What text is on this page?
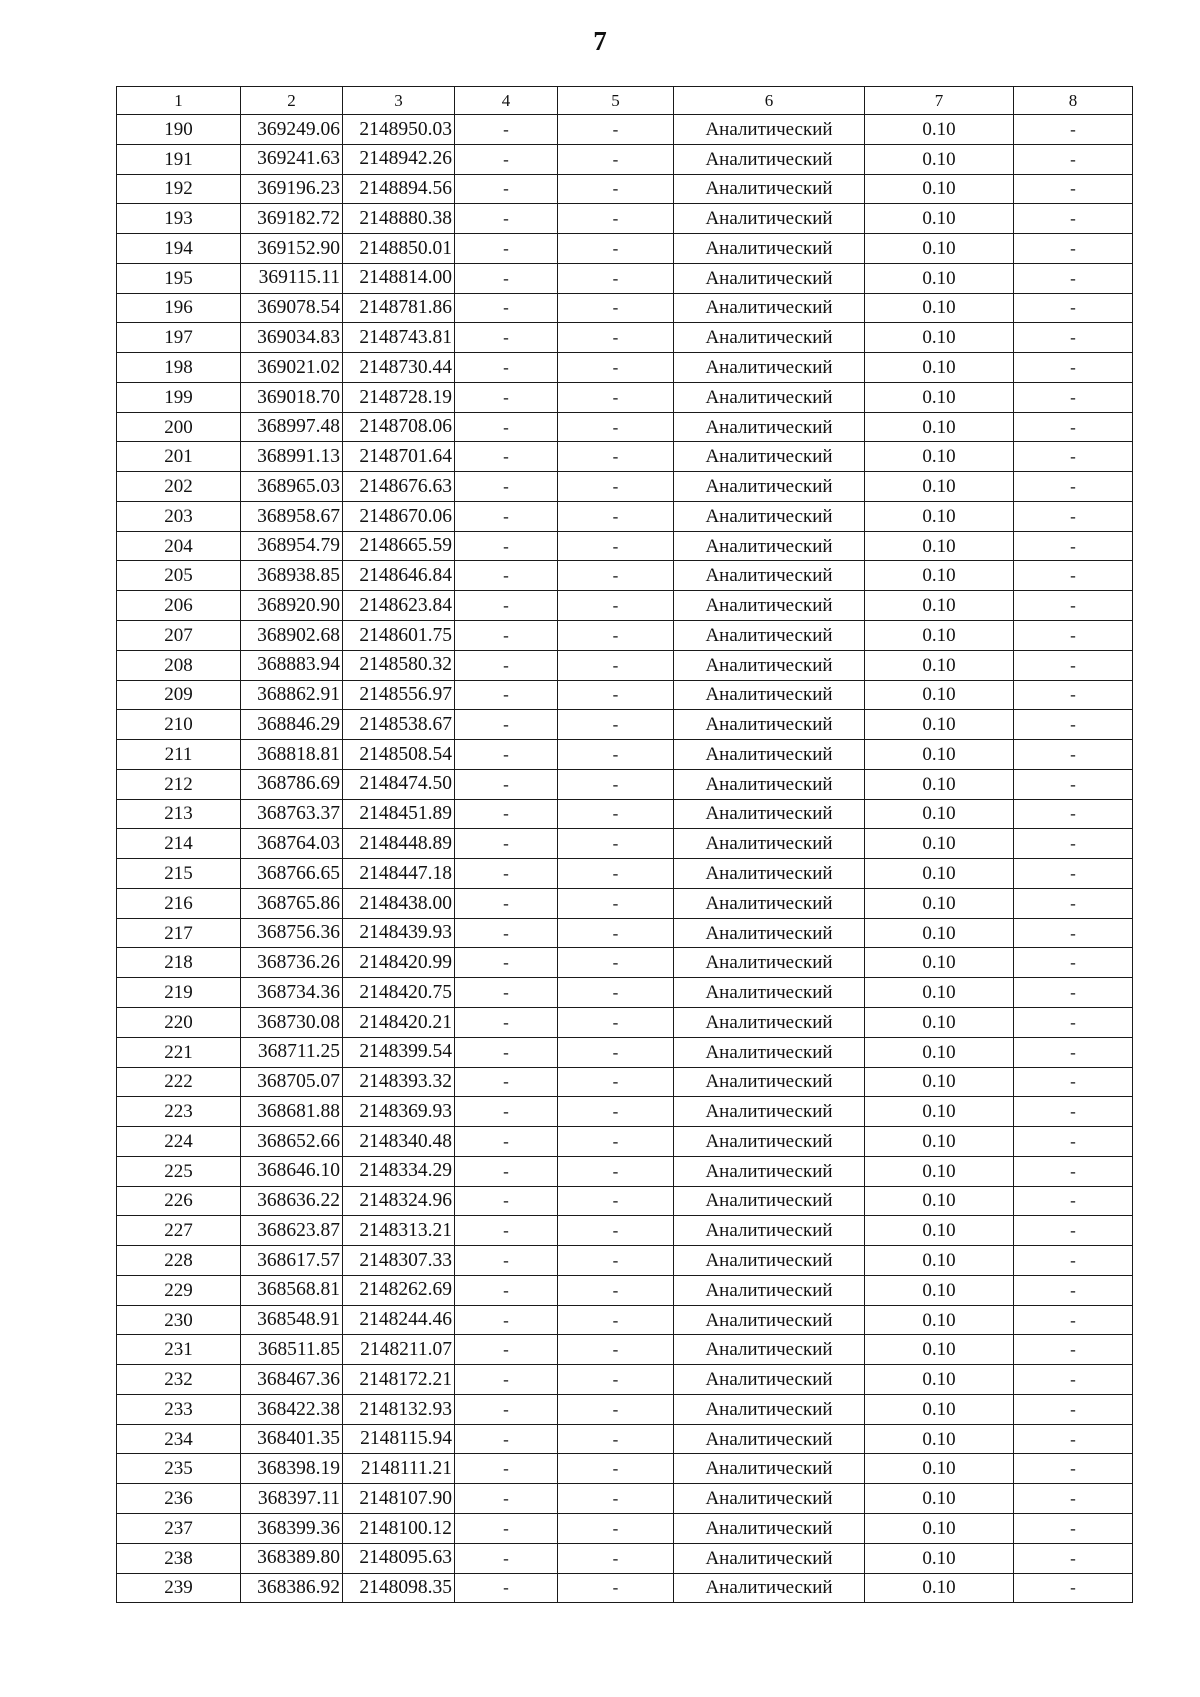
7
1	2	3	4	5	6	7	8
190	369249.06	2148950.03	-	-	Аналитический	0.10	-
191	369241.63	2148942.26	-	-	Аналитический	0.10	-
192	369196.23	2148894.56	-	-	Аналитический	0.10	-
193	369182.72	2148880.38	-	-	Аналитический	0.10	-
194	369152.90	2148850.01	-	-	Аналитический	0.10	-
195	369115.11	2148814.00	-	-	Аналитический	0.10	-
196	369078.54	2148781.86	-	-	Аналитический	0.10	-
197	369034.83	2148743.81	-	-	Аналитический	0.10	-
198	369021.02	2148730.44	-	-	Аналитический	0.10	-
199	369018.70	2148728.19	-	-	Аналитический	0.10	-
200	368997.48	2148708.06	-	-	Аналитический	0.10	-
201	368991.13	2148701.64	-	-	Аналитический	0.10	-
202	368965.03	2148676.63	-	-	Аналитический	0.10	-
203	368958.67	2148670.06	-	-	Аналитический	0.10	-
204	368954.79	2148665.59	-	-	Аналитический	0.10	-
205	368938.85	2148646.84	-	-	Аналитический	0.10	-
206	368920.90	2148623.84	-	-	Аналитический	0.10	-
207	368902.68	2148601.75	-	-	Аналитический	0.10	-
208	368883.94	2148580.32	-	-	Аналитический	0.10	-
209	368862.91	2148556.97	-	-	Аналитический	0.10	-
210	368846.29	2148538.67	-	-	Аналитический	0.10	-
211	368818.81	2148508.54	-	-	Аналитический	0.10	-
212	368786.69	2148474.50	-	-	Аналитический	0.10	-
213	368763.37	2148451.89	-	-	Аналитический	0.10	-
214	368764.03	2148448.89	-	-	Аналитический	0.10	-
215	368766.65	2148447.18	-	-	Аналитический	0.10	-
216	368765.86	2148438.00	-	-	Аналитический	0.10	-
217	368756.36	2148439.93	-	-	Аналитический	0.10	-
218	368736.26	2148420.99	-	-	Аналитический	0.10	-
219	368734.36	2148420.75	-	-	Аналитический	0.10	-
220	368730.08	2148420.21	-	-	Аналитический	0.10	-
221	368711.25	2148399.54	-	-	Аналитический	0.10	-
222	368705.07	2148393.32	-	-	Аналитический	0.10	-
223	368681.88	2148369.93	-	-	Аналитический	0.10	-
224	368652.66	2148340.48	-	-	Аналитический	0.10	-
225	368646.10	2148334.29	-	-	Аналитический	0.10	-
226	368636.22	2148324.96	-	-	Аналитический	0.10	-
227	368623.87	2148313.21	-	-	Аналитический	0.10	-
228	368617.57	2148307.33	-	-	Аналитический	0.10	-
229	368568.81	2148262.69	-	-	Аналитический	0.10	-
230	368548.91	2148244.46	-	-	Аналитический	0.10	-
231	368511.85	2148211.07	-	-	Аналитический	0.10	-
232	368467.36	2148172.21	-	-	Аналитический	0.10	-
233	368422.38	2148132.93	-	-	Аналитический	0.10	-
234	368401.35	2148115.94	-	-	Аналитический	0.10	-
235	368398.19	2148111.21	-	-	Аналитический	0.10	-
236	368397.11	2148107.90	-	-	Аналитический	0.10	-
237	368399.36	2148100.12	-	-	Аналитический	0.10	-
238	368389.80	2148095.63	-	-	Аналитический	0.10	-
239	368386.92	2148098.35	-	-	Аналитический	0.10	-
